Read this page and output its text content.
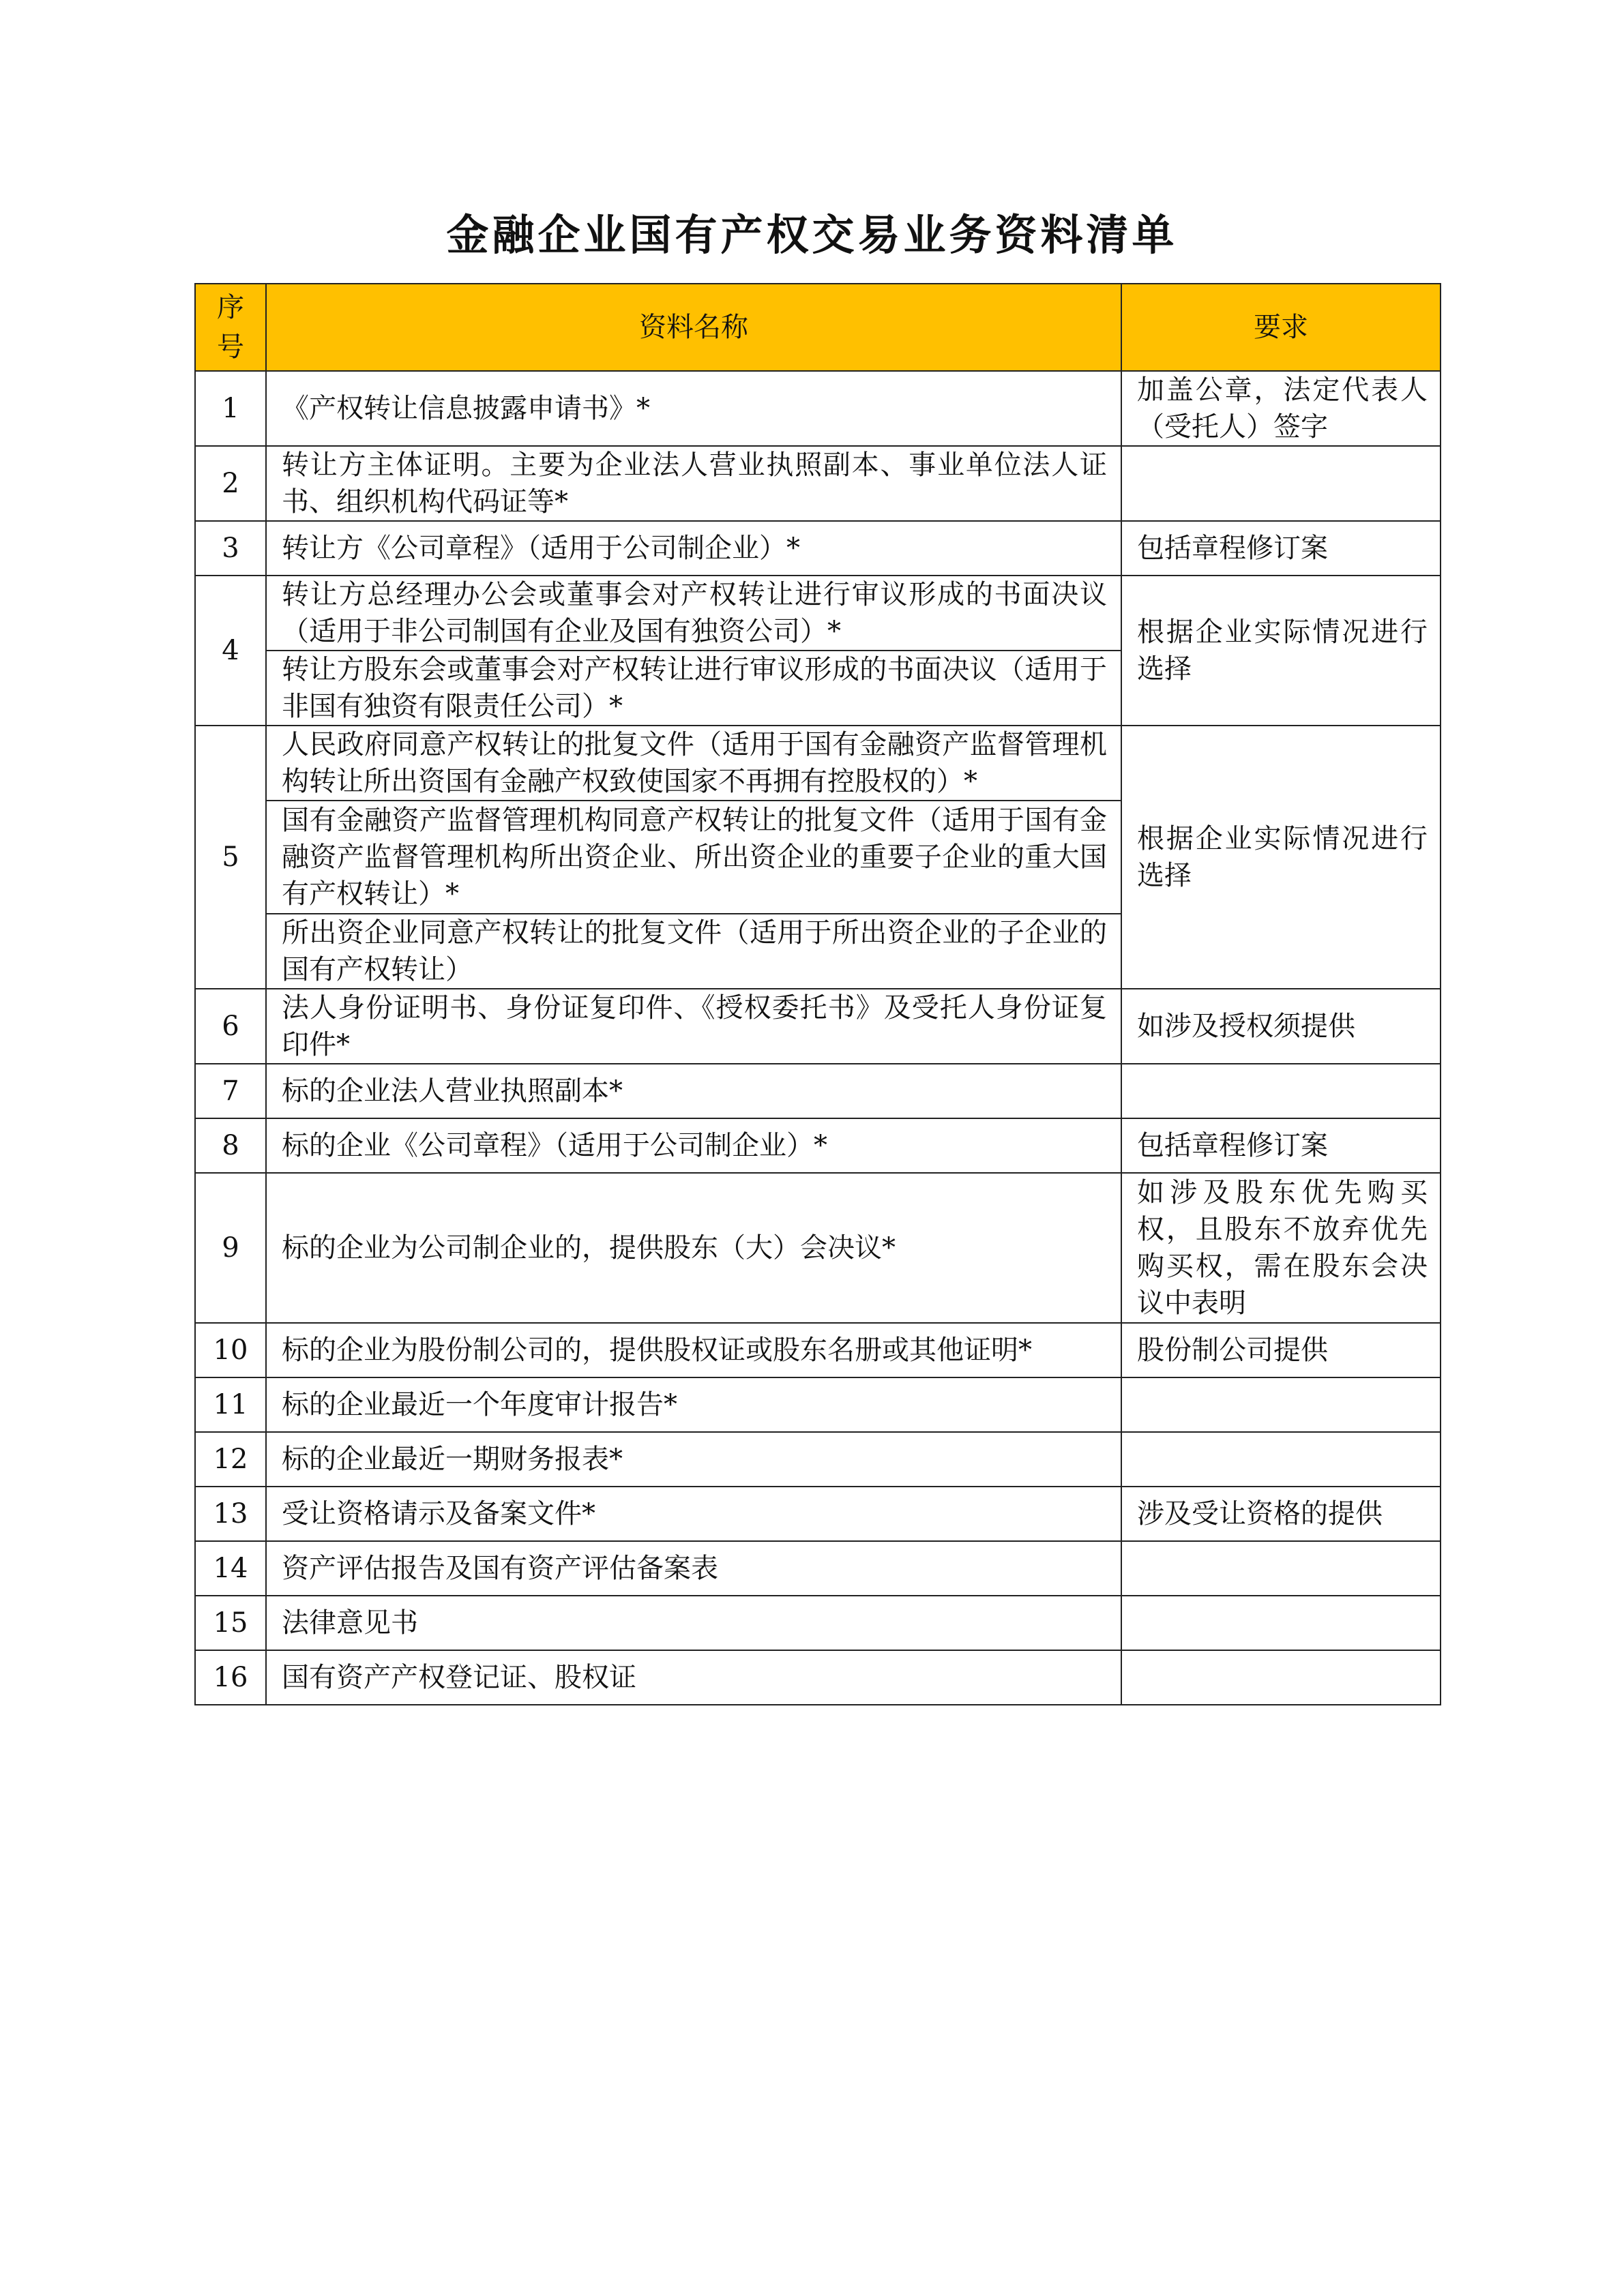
金融企业国有产权交易业务资料清单
序
号	资料名称	要求
1	《产权转让信息披露申请书》*	加盖公章，法定代表人（受托人）签字
2	转让方主体证明。主要为企业法人营业执照副本、事业单位法人证书、组织机构代码证等*	
3	转让方《公司章程》（适用于公司制企业）*	包括章程修订案
4	转让方总经理办公会或董事会对产权转让进行审议形成的书面决议（适用于非公司制国有企业及国有独资公司）*	根据企业实际情况进行选择
	转让方股东会或董事会对产权转让进行审议形成的书面决议（适用于非国有独资有限责任公司）*	
5	人民政府同意产权转让的批复文件（适用于国有金融资产监督管理机构转让所出资国有金融产权致使国家不再拥有控股权的）*	根据企业实际情况进行选择
	国有金融资产监督管理机构同意产权转让的批复文件（适用于国有金融资产监督管理机构所出资企业、所出资企业的重要子企业的重大国有产权转让）*	
	所出资企业同意产权转让的批复文件（适用于所出资企业的子企业的国有产权转让）	
6	法人身份证明书、身份证复印件、《授权委托书》及受托人身份证复印件*	如涉及授权须提供
7	标的企业法人营业执照副本*	
8	标的企业《公司章程》（适用于公司制企业）*	包括章程修订案
9	标的企业为公司制企业的，提供股东（大）会决议*	如涉及股东优先购买权，且股东不放弃优先购买权，需在股东会决议中表明
10	标的企业为股份制公司的，提供股权证或股东名册或其他证明*	股份制公司提供
11	标的企业最近一个年度审计报告*	
12	标的企业最近一期财务报表*	
13	受让资格请示及备案文件*	涉及受让资格的提供
14	资产评估报告及国有资产评估备案表	
15	法律意见书	
16	国有资产产权登记证、股权证	
